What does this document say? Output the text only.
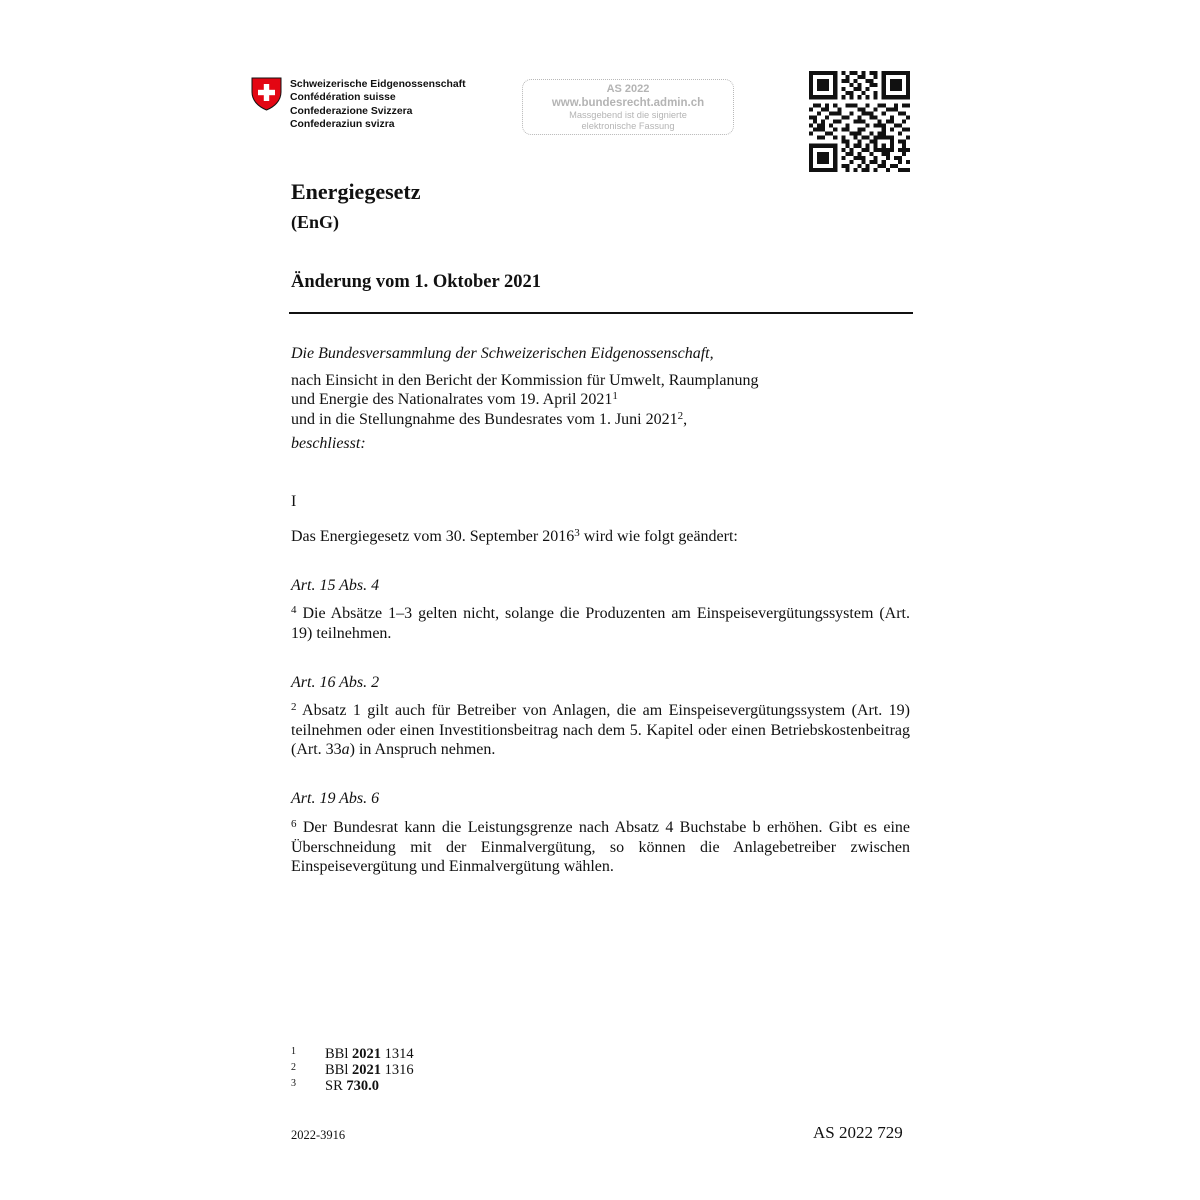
Schweizerische Eidgenossenschaft
Confédération suisse
Confederazione Svizzera
Confederaziun svizra
AS 2022
www.bundesrecht.admin.ch
Massgebend ist die signierte
elektronische Fassung
Energiegesetz
(EnG)
Änderung vom 1. Oktober 2021

Die Bundesversammlung der Schweizerischen Eidgenossenschaft,

nach Einsicht in den Bericht der Kommission für Umwelt, Raumplanung

und Energie des Nationalrates vom 19. April 2021$^1$

und in die Stellungnahme des Bundesrates vom 1. Juni 2021$^2$,

beschliesst:

I
Das Energiegesetz vom 30. September 2016$^3$ wird wie folgt geändert:
Art. 15 Abs. 4
$^4$ Die Absätze 1–3 gelten nicht, solange die Produzenten am Einspeisevergütungssystem (Art. 19) teilnehmen.
Art. 16 Abs. 2
$^2$ Absatz 1 gilt auch für Betreiber von Anlagen, die am Einspeisevergütungssystem (Art. 19) teilnehmen oder einen Investitionsbeitrag nach dem 5. Kapitel oder einen Betriebskostenbeitrag (Art. 33a) in Anspruch nehmen.
Art. 19 Abs. 6
$^6$ Der Bundesrat kann die Leistungsgrenze nach Absatz 4 Buchstabe b erhöhen. Gibt es eine Überschneidung mit der Einmalvergütung, so können die Anlagebetreiber zwischen Einspeisevergütung und Einmalvergütung wählen.
1	BBl 2021 1314
2	BBl 2021 1316
3	SR 730.0
2022-3916	AS 2022 729
